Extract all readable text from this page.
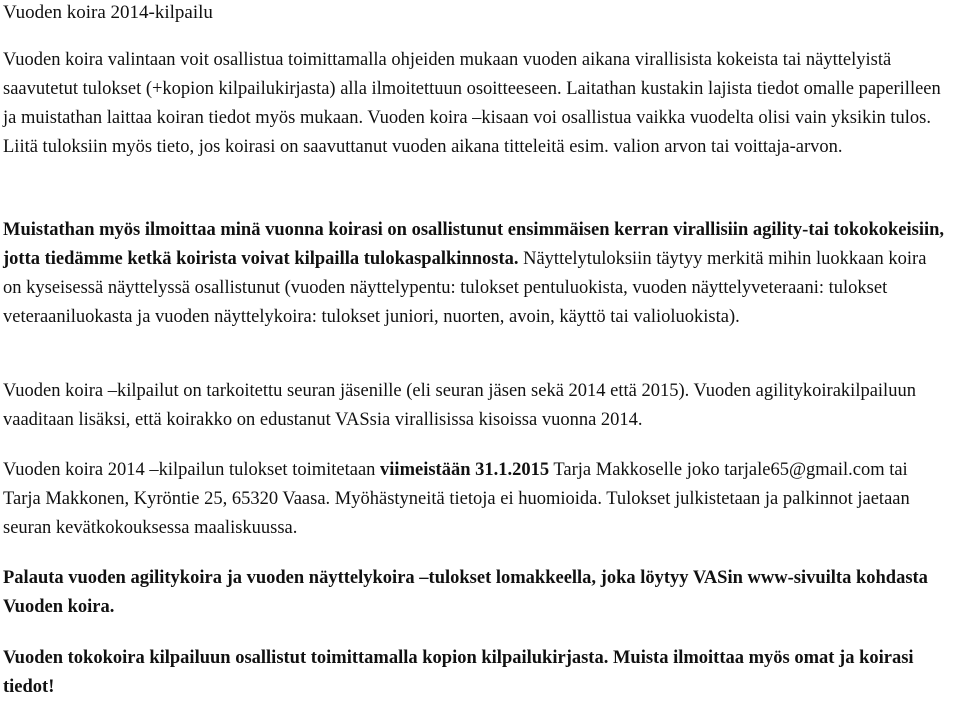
Vuoden koira 2014-kilpailu

Vuoden koira valintaan voit osallistua toimittamalla ohjeiden mukaan vuoden aikana virallisista kokeista tai näyttelyistä saavutetut tulokset (+kopion kilpailukirjasta) alla ilmoitettuun osoitteeseen. Laitathan kustakin lajista tiedot omalle paperilleen ja muistathan laittaa koiran tiedot myös mukaan. Vuoden koira –kisaan voi osallistua vaikka vuodelta olisi vain yksikin tulos. Liitä tuloksiin myös tieto, jos koirasi on saavuttanut vuoden aikana titteleitä esim. valion arvon tai voittaja-arvon.

Muistathan myös ilmoittaa minä vuonna koirasi on osallistunut ensimmäisen kerran virallisiin agility-tai tokokokeisiin, jotta tiedämme ketkä koirista voivat kilpailla tulokaspalkinnosta. Näyttelytuloksiin täytyy merkitä mihin luokkaan koira on kyseisessä näyttelyssä osallistunut (vuoden näyttelypentu: tulokset pentuluokista, vuoden näyttelyveteraani: tulokset veteraaniluokasta ja vuoden näyttelykoira: tulokset juniori, nuorten, avoin, käyttö tai valioluokista).

Vuoden koira –kilpailut on tarkoitettu seuran jäsenille (eli seuran jäsen sekä 2014 että 2015). Vuoden agilitykoirakilpailuun vaaditaan lisäksi, että koirakko on edustanut VASsia virallisissa kisoissa vuonna 2014.

Vuoden koira 2014 –kilpailun tulokset toimitetaan viimeistään 31.1.2015 Tarja Makkoselle joko tarjale65@gmail.com tai Tarja Makkonen, Kyröntie 25, 65320 Vaasa. Myöhästyneitä tietoja ei huomioida. Tulokset julkistetaan ja palkinnot jaetaan seuran kevätkokouksessa maaliskuussa.

Palauta vuoden agilitykoira ja vuoden näyttelykoira –tulokset lomakkeella, joka löytyy VASin www-sivuilta kohdasta Vuoden koira.

Vuoden tokokoira kilpailuun osallistut toimittamalla kopion kilpailukirjasta. Muista ilmoittaa myös omat ja koirasi tiedot!
